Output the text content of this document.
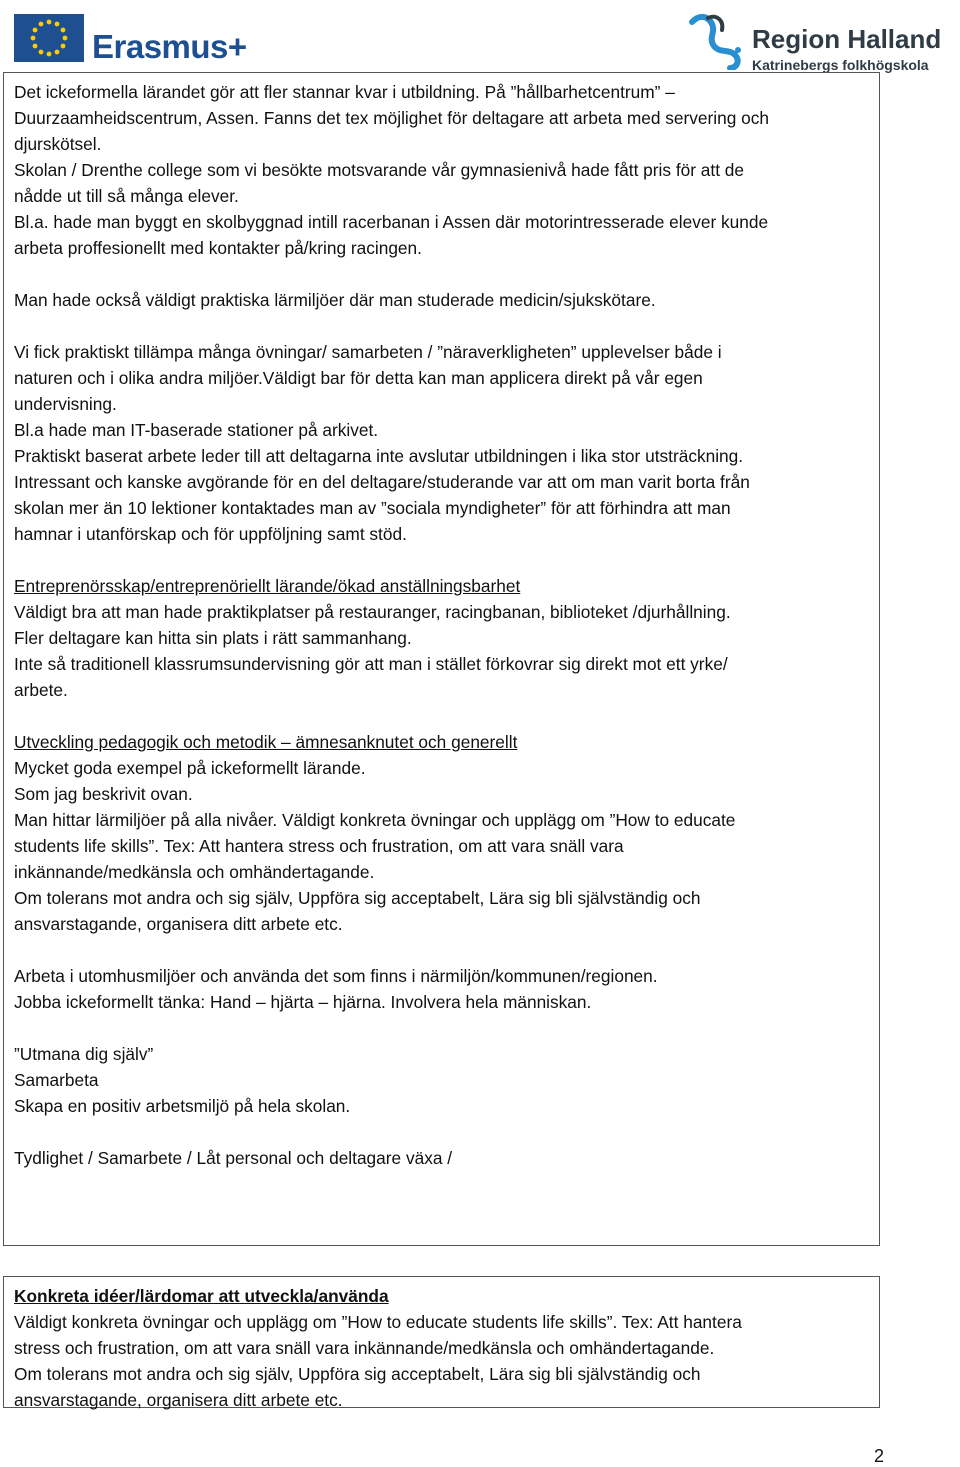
Erasmus+	Region Halland
Katrinebergs folkhögskola
Det ickeformella lärandet gör att fler stannar kvar i utbildning. På ”hållbarhetcentrum” –
Duurzaamheidscentrum, Assen. Fanns det tex möjlighet för deltagare att arbeta med servering och
djurskötsel.
Skolan / Drenthe college som vi besökte motsvarande vår gymnasienivå hade fått pris för att de
nådde ut till så många elever.
Bl.a. hade man byggt en skolbyggnad intill racerbanan i Assen där motorintresserade elever kunde
arbeta proffesionellt med kontakter på/kring racingen.
Man hade också väldigt praktiska lärmiljöer där man studerade medicin/sjukskötare.
Vi fick praktiskt tillämpa många övningar/ samarbeten / ”näraverkligheten” upplevelser både i
naturen och i olika andra miljöer.Väldigt bar för detta kan man applicera direkt på vår egen
undervisning.
Bl.a hade man IT-baserade stationer på arkivet.
Praktiskt baserat arbete leder till att deltagarna inte avslutar utbildningen i lika stor utsträckning.
Intressant och kanske avgörande för en del deltagare/studerande var att om man varit borta från
skolan mer än 10 lektioner kontaktades man av ”sociala myndigheter” för att förhindra att man
hamnar i utanförskap och för uppföljning samt stöd.
Entreprenörsskap/entreprenöriellt lärande/ökad anställningsbarhet
Väldigt bra att man hade praktikplatser på restauranger, racingbanan, biblioteket /djurhållning.
Fler deltagare kan hitta sin plats i rätt sammanhang.
Inte så traditionell klassrumsundervisning gör att man i stället förkovrar sig direkt mot ett yrke/
arbete.
Utveckling pedagogik och metodik – ämnesanknutet och generellt
Mycket goda exempel på ickeformellt lärande.
Som jag beskrivit ovan.
Man hittar lärmiljöer på alla nivåer. Väldigt konkreta övningar och upplägg om ”How to educate
students life skills”. Tex: Att hantera stress och frustration, om att vara snäll vara
inkännande/medkänsla och omhändertagande.
Om tolerans mot andra och sig själv, Uppföra sig acceptabelt, Lära sig bli självständig och
ansvarstagande, organisera ditt arbete etc.
Arbeta i utomhusmiljöer och använda det som finns i närmiljön/kommunen/regionen.
Jobba ickeformellt tänka: Hand – hjärta – hjärna. Involvera hela människan.
”Utmana dig själv”
Samarbeta
Skapa en positiv arbetsmiljö på hela skolan.
Tydlighet / Samarbete / Låt personal och deltagare växa /
Konkreta idéer/lärdomar att utveckla/använda
Väldigt konkreta övningar och upplägg om ”How to educate students life skills”. Tex: Att hantera
stress och frustration, om att vara snäll vara inkännande/medkänsla och omhändertagande.
Om tolerans mot andra och sig själv, Uppföra sig acceptabelt, Lära sig bli självständig och
ansvarstagande, organisera ditt arbete etc.
2
